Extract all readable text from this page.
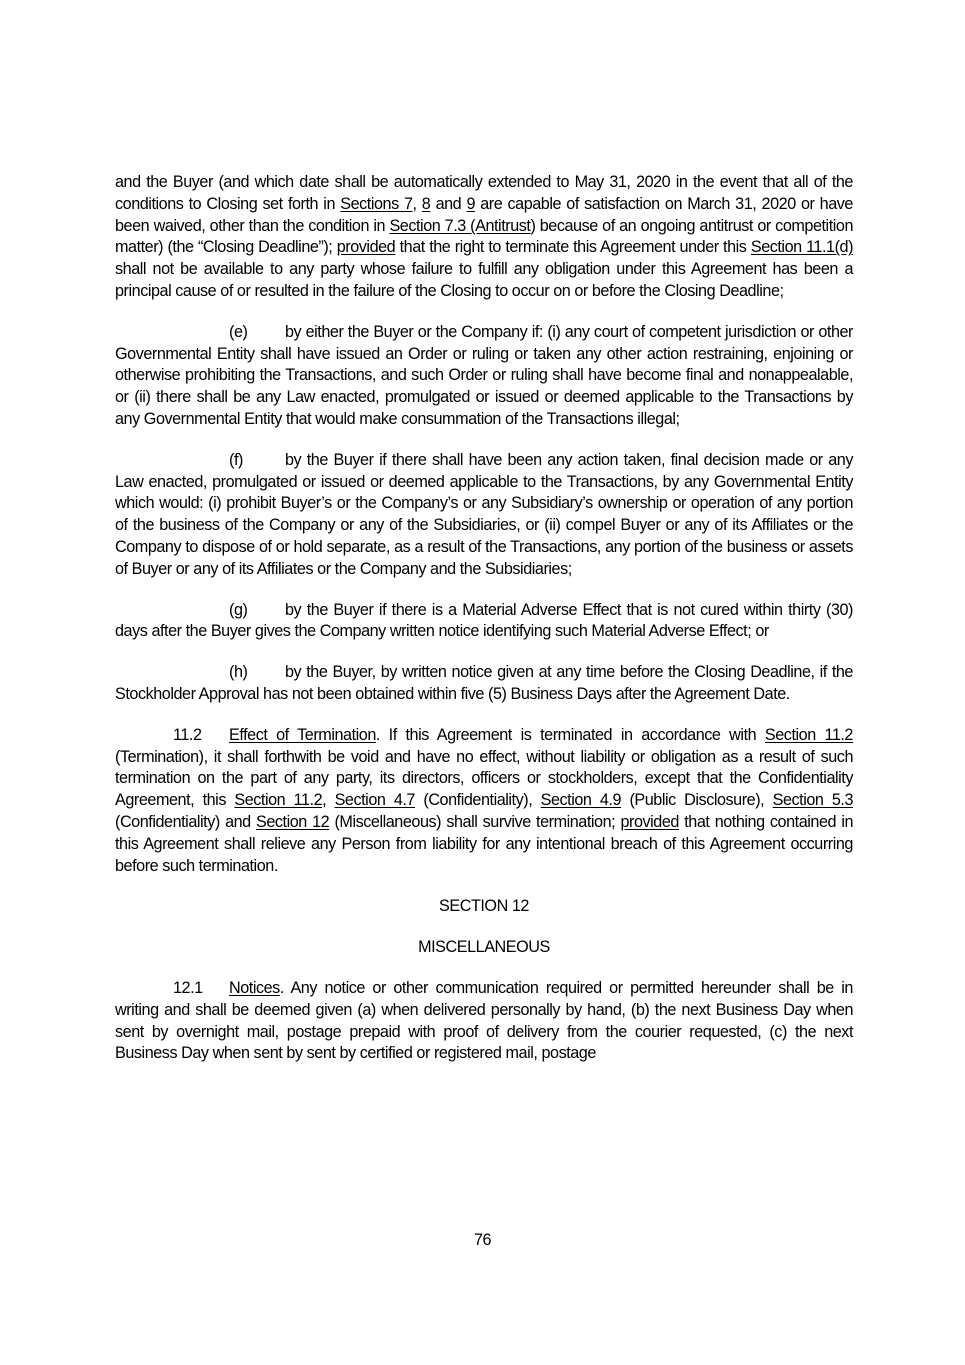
and the Buyer (and which date shall be automatically extended to May 31, 2020 in the event that all of the conditions to Closing set forth in Sections 7, 8 and 9 are capable of satisfaction on March 31, 2020 or have been waived, other than the condition in Section 7.3 (Antitrust) because of an ongoing antitrust or competition matter) (the “Closing Deadline”); provided that the right to terminate this Agreement under this Section 11.1(d) shall not be available to any party whose failure to fulfill any obligation under this Agreement has been a principal cause of or resulted in the failure of the Closing to occur on or before the Closing Deadline;

(e) by either the Buyer or the Company if: (i) any court of competent jurisdiction or other Governmental Entity shall have issued an Order or ruling or taken any other action restraining, enjoining or otherwise prohibiting the Transactions, and such Order or ruling shall have become final and nonappealable, or (ii) there shall be any Law enacted, promulgated or issued or deemed applicable to the Transactions by any Governmental Entity that would make consummation of the Transactions illegal;

(f)	by the Buyer if there shall have been any action taken, final decision made or any Law enacted, promulgated or issued or deemed applicable to the Transactions, by any Governmental Entity which would: (i) prohibit Buyer’s or the Company’s or any Subsidiary’s ownership or operation of any portion of the business of the Company or any of the Subsidiaries, or (ii) compel Buyer or any of its Affiliates or the Company to dispose of or hold separate, as a result of the Transactions, any portion of the business or assets of Buyer or any of its Affiliates or the Company and the Subsidiaries;

(g) by the Buyer if there is a Material Adverse Effect that is not cured within thirty (30) days after the Buyer gives the Company written notice identifying such Material Adverse Effect; or

(h) by the Buyer, by written notice given at any time before the Closing Deadline, if the Stockholder Approval has not been obtained within five (5) Business Days after the Agreement Date.

11.2 Effect of Termination. If this Agreement is terminated in accordance with Section 11.2 (Termination), it shall forthwith be void and have no effect, without liability or obligation as a result of such termination on the part of any party, its directors, officers or stockholders, except that the Confidentiality Agreement, this Section 11.2, Section 4.7 (Confidentiality), Section 4.9 (Public Disclosure), Section 5.3 (Confidentiality) and Section 12 (Miscellaneous) shall survive termination; provided that nothing contained in this Agreement shall relieve any Person from liability for any intentional breach of this Agreement occurring before such termination.

SECTION 12

MISCELLANEOUS

12.1 Notices. Any notice or other communication required or permitted hereunder shall be in writing and shall be deemed given (a) when delivered personally by hand, (b) the next Business Day when sent by overnight mail, postage prepaid with proof of delivery from the courier requested, (c) the next Business Day when sent by sent by certified or registered mail, postage

76
